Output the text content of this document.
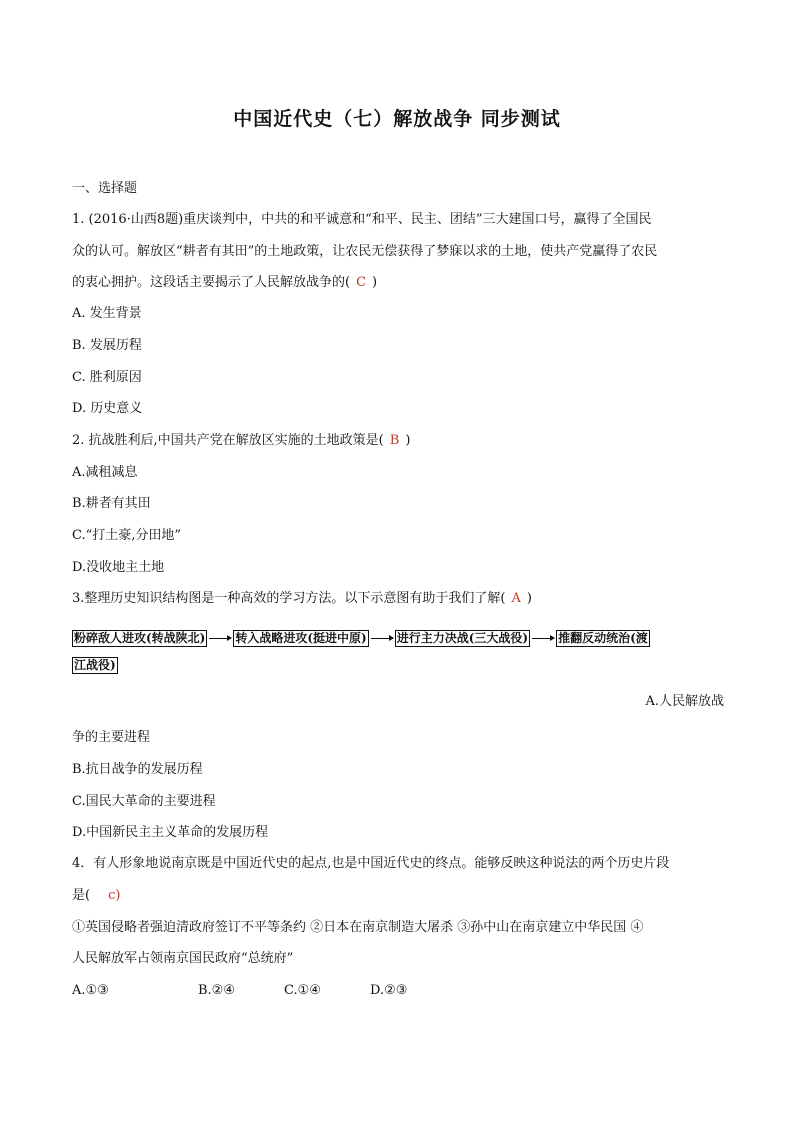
中国近代史（七）解放战争 同步测试
一、选择题
1. (2016·山西8题)重庆谈判中，中共的和平诚意和“和平、民主、团结”三大建国口号，赢得了全国民
众的认可。解放区“耕者有其田”的土地政策，让农民无偿获得了梦寐以求的土地，使共产党赢得了农民
的衷心拥护。这段话主要揭示了人民解放战争的( C )
A. 发生背景
B. 发展历程
C. 胜利原因
D. 历史意义
2. 抗战胜利后,中国共产党在解放区实施的土地政策是( B )
A.减租减息
B.耕者有其田
C.“打土豪,分田地”
D.没收地主土地
3.整理历史知识结构图是一种高效的学习方法。以下示意图有助于我们了解( A )
粉碎敌人进攻(转战陕北)	转入战略进攻(挺进中原)	进行主力决战(三大战役)	推翻反动统治(渡
江战役)
A.人民解放战
争的主要进程
B.抗日战争的发展历程
C.国民大革命的主要进程
D.中国新民主主义革命的发展历程
4．有人形象地说南京既是中国近代史的起点,也是中国近代史的终点。能够反映这种说法的两个历史片段
是( c)
①英国侵略者强迫清政府签订不平等条约 ②日本在南京制造大屠杀 ③孙中山在南京建立中华民国 ④
人民解放军占领南京国民政府“总统府”
A.①③	B.②④	C.①④	D.②③
